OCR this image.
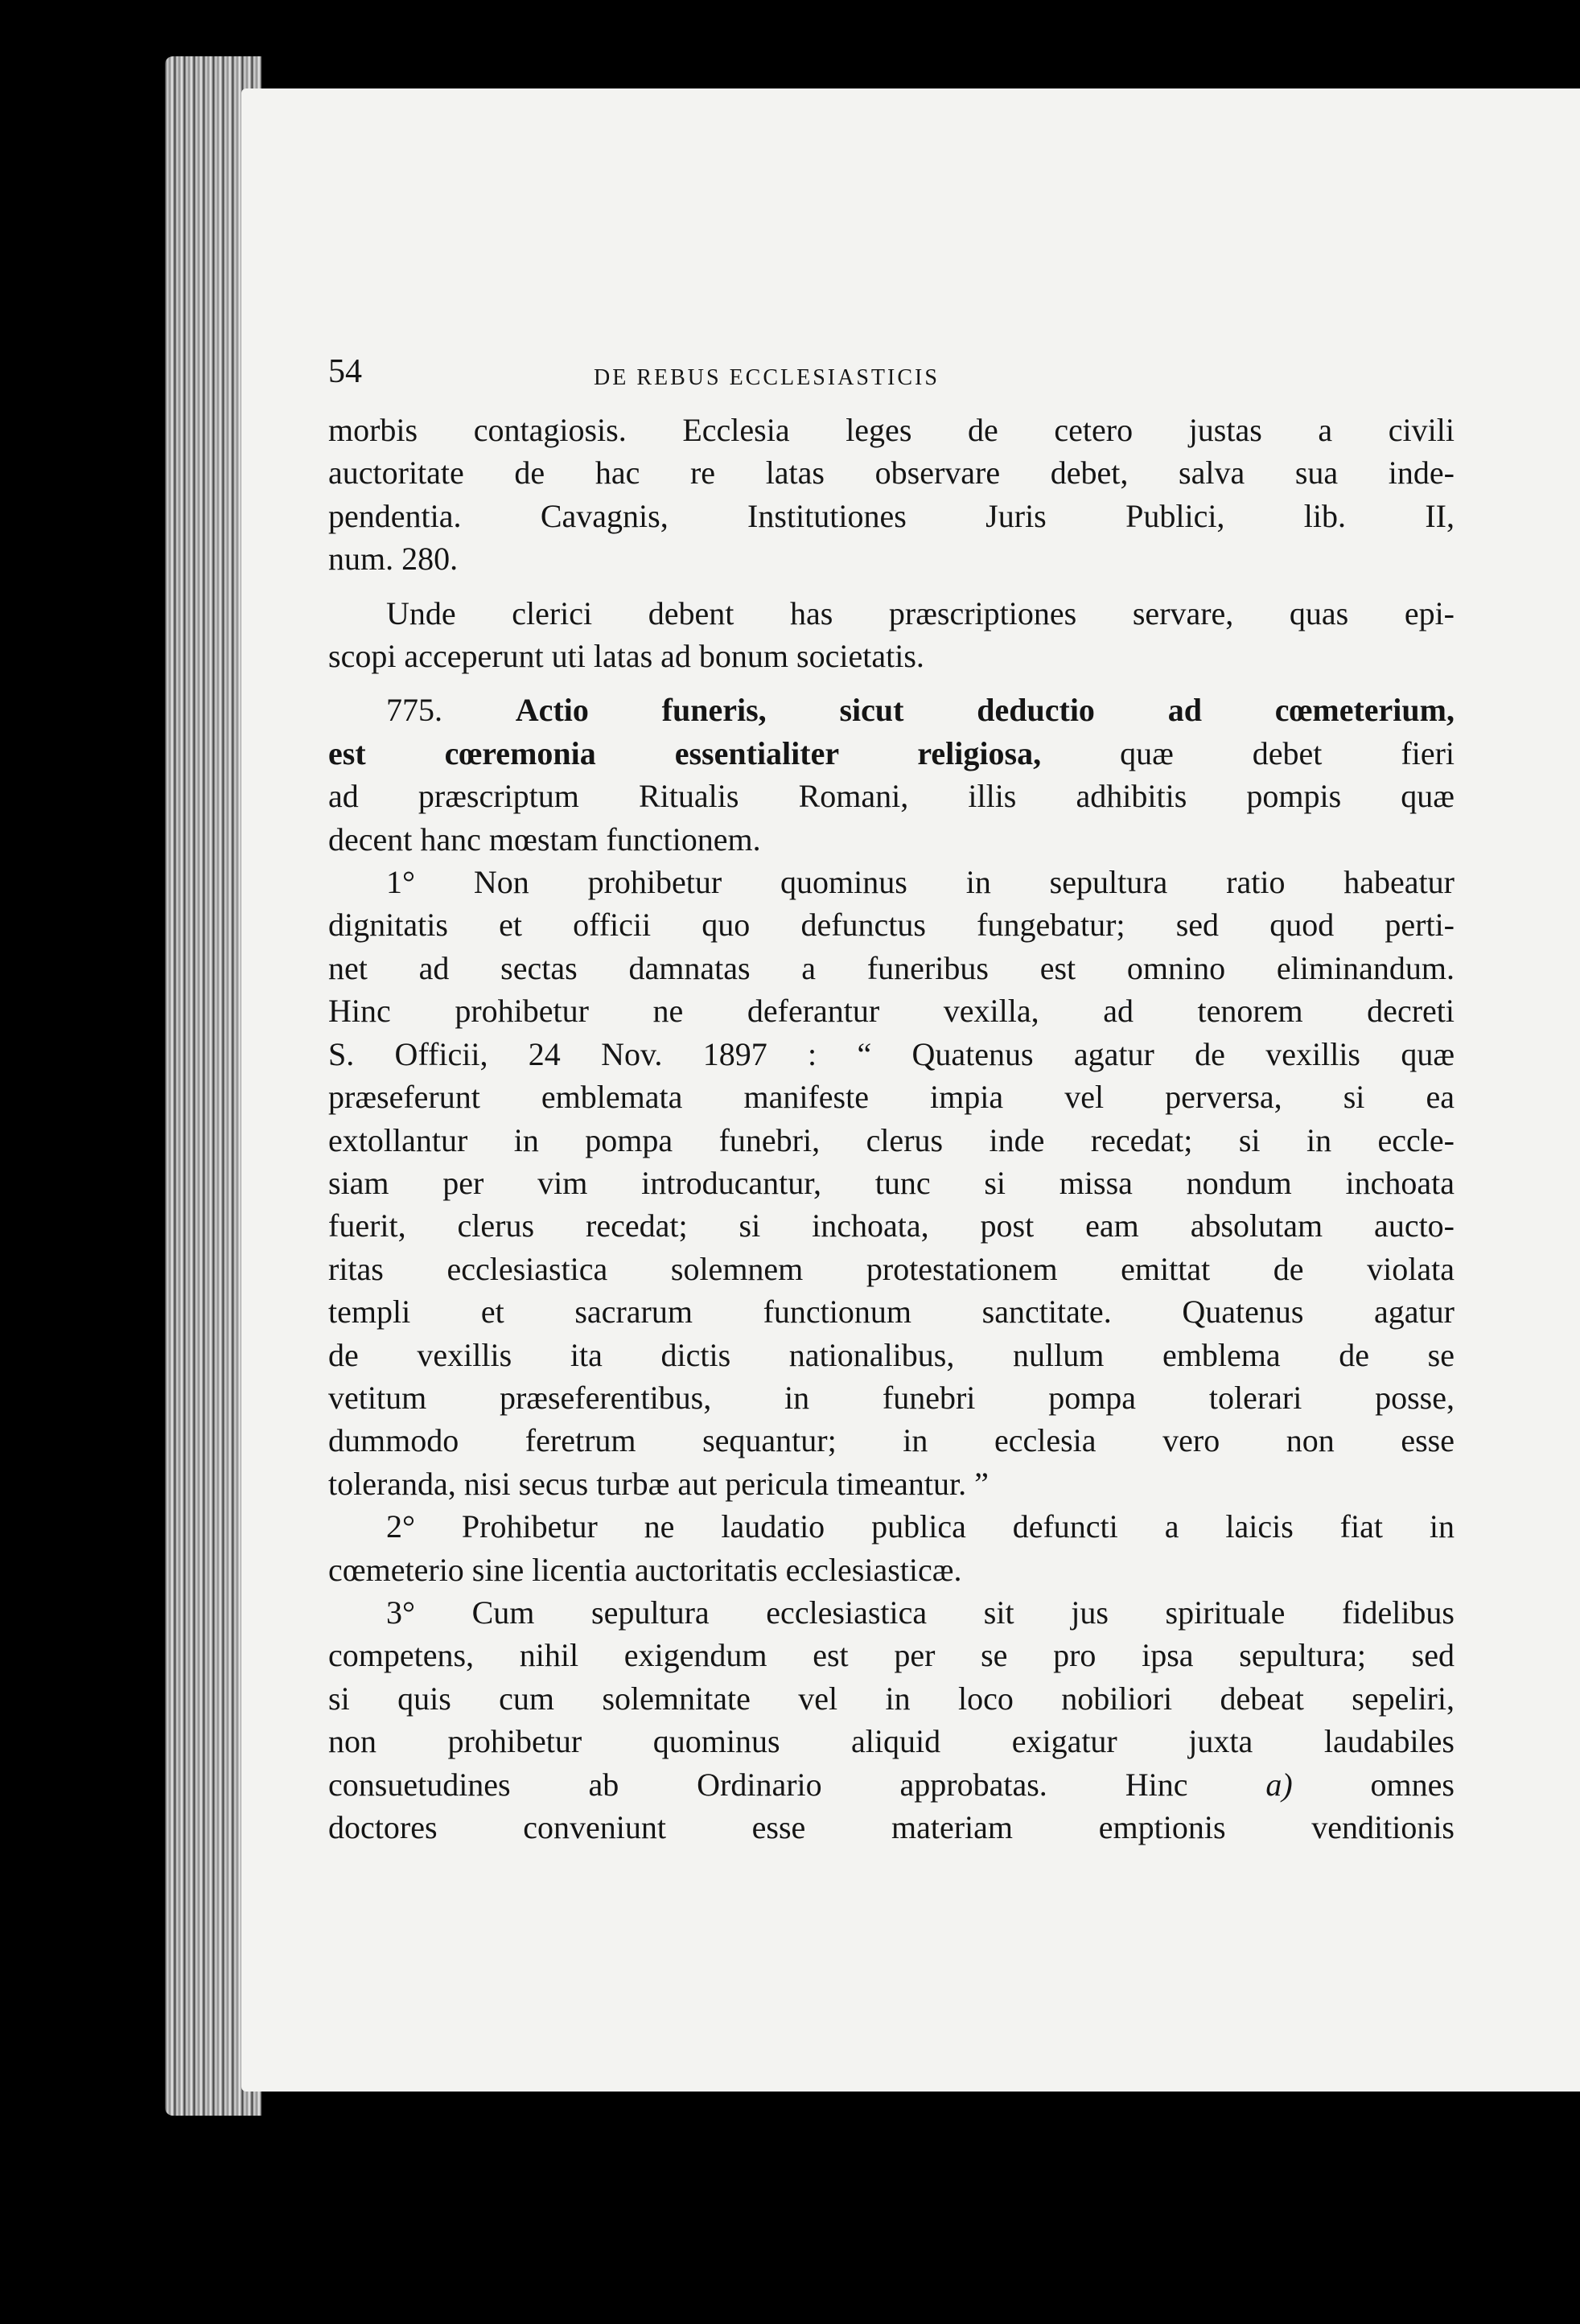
54	DE REBUS ECCLESIASTICIS
morbis contagiosis. Ecclesia leges de cetero justas a civili
auctoritate de hac re latas observare debet, salva sua inde-
pendentia. Cavagnis, Institutiones Juris Publici, lib. II,
num. 280.
Unde clerici debent has præscriptiones servare, quas epi-
scopi acceperunt uti latas ad bonum societatis.
775. Actio funeris, sicut deductio ad cœmeterium,
est cœremonia essentialiter religiosa, quæ debet fieri
ad præscriptum Ritualis Romani, illis adhibitis pompis quæ
decent hanc mœstam functionem.
1° Non prohibetur quominus in sepultura ratio habeatur
dignitatis et officii quo defunctus fungebatur; sed quod perti-
net ad sectas damnatas a funeribus est omnino eliminandum.
Hinc prohibetur ne deferantur vexilla, ad tenorem decreti
S. Officii, 24 Nov. 1897 : “ Quatenus agatur de vexillis quæ
præseferunt emblemata manifeste impia vel perversa, si ea
extollantur in pompa funebri, clerus inde recedat; si in eccle-
siam per vim introducantur, tunc si missa nondum inchoata
fuerit, clerus recedat; si inchoata, post eam absolutam aucto-
ritas ecclesiastica solemnem protestationem emittat de violata
templi et sacrarum functionum sanctitate. Quatenus agatur
de vexillis ita dictis nationalibus, nullum emblema de se
vetitum præseferentibus, in funebri pompa tolerari posse,
dummodo feretrum sequantur; in ecclesia vero non esse
toleranda, nisi secus turbæ aut pericula timeantur. ”
2° Prohibetur ne laudatio publica defuncti a laicis fiat in
cœmeterio sine licentia auctoritatis ecclesiasticæ.
3° Cum sepultura ecclesiastica sit jus spirituale fidelibus
competens, nihil exigendum est per se pro ipsa sepultura; sed
si quis cum solemnitate vel in loco nobiliori debeat sepeliri,
non prohibetur quominus aliquid exigatur juxta laudabiles
consuetudines ab Ordinario approbatas. Hinc a) omnes
doctores conveniunt esse materiam emptionis venditionis
